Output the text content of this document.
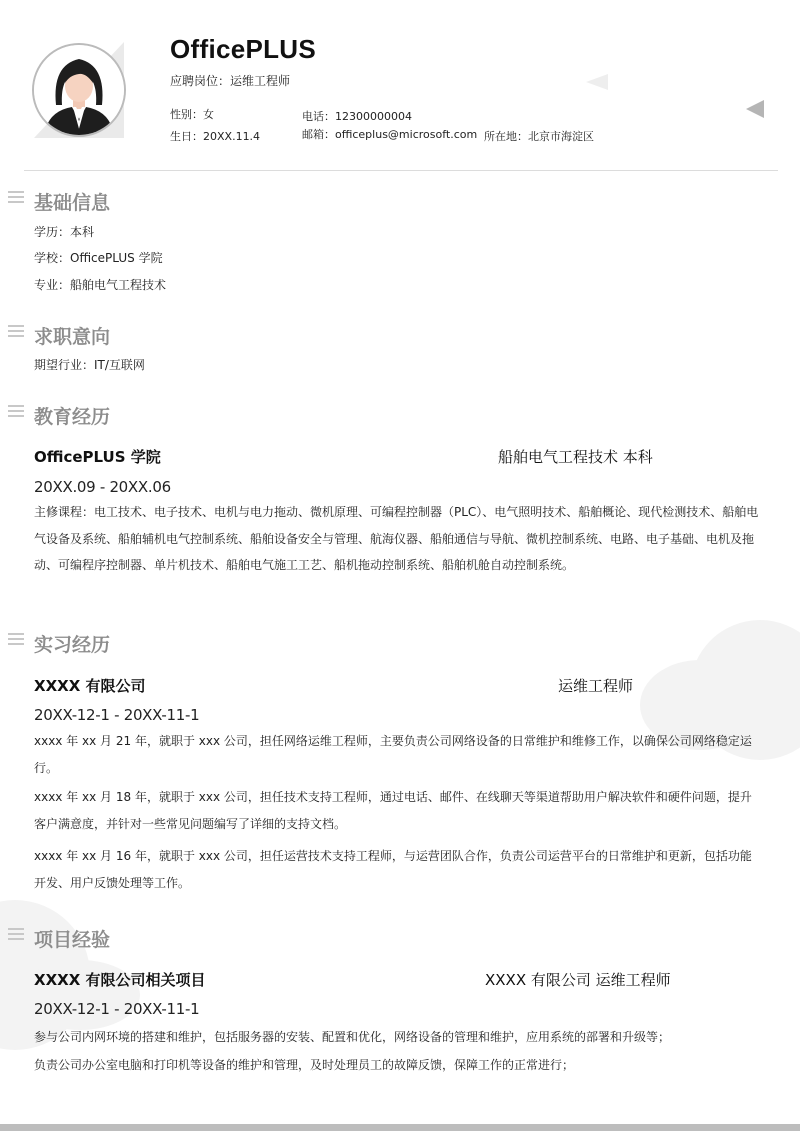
OfficePLUS
应聘岗位：运维工程师
性别：女
生日：20XX.11.4
电话：12300000004
邮箱：officeplus@microsoft.com 所在地：北京市海淀区
基础信息
学历：本科
学校：OfficePLUS 学院
专业：船舶电气工程技术
求职意向
期望行业：IT/互联网
教育经历
OfficePLUS 学院	船舶电气工程技术 本科
20XX.09 - 20XX.06

主修课程：电工技术、电子技术、电机与电力拖动、微机原理、可编程控制器（PLC）、电气照明技术、船舶概论、现代检测技术、船舶电气设备及系统、船舶辅机电气控制系统、船舶设备安全与管理、航海仪器、船舶通信与导航、微机控制系统、电路、电子基础、电机及拖动、可编程序控制器、单片机技术、船舶电气施工工艺、船机拖动控制系统、船舶机舱自动控制系统。

实习经历
XXXX 有限公司	运维工程师
20XX-12-1 - 20XX-11-1

xxxx 年 xx 月 21 年，就职于 xxx 公司，担任网络运维工程师，主要负责公司网络设备的日常维护和维修工作，以确保公司网络稳定运行。

xxxx 年 xx 月 18 年，就职于 xxx 公司，担任技术支持工程师，通过电话、邮件、在线聊天等渠道帮助用户解决软件和硬件问题，提升客户满意度，并针对一些常见问题编写了详细的支持文档。

xxxx 年 xx 月 16 年，就职于 xxx 公司，担任运营技术支持工程师，与运营团队合作，负责公司运营平台的日常维护和更新，包括功能开发、用户反馈处理等工作。

项目经验
XXXX 有限公司相关项目	XXXX 有限公司 运维工程师
20XX-12-1 - 20XX-11-1
参与公司内网环境的搭建和维护，包括服务器的安装、配置和优化，网络设备的管理和维护，应用系统的部署和升级等；
负责公司办公室电脑和打印机等设备的维护和管理，及时处理员工的故障反馈，保障工作的正常进行；
